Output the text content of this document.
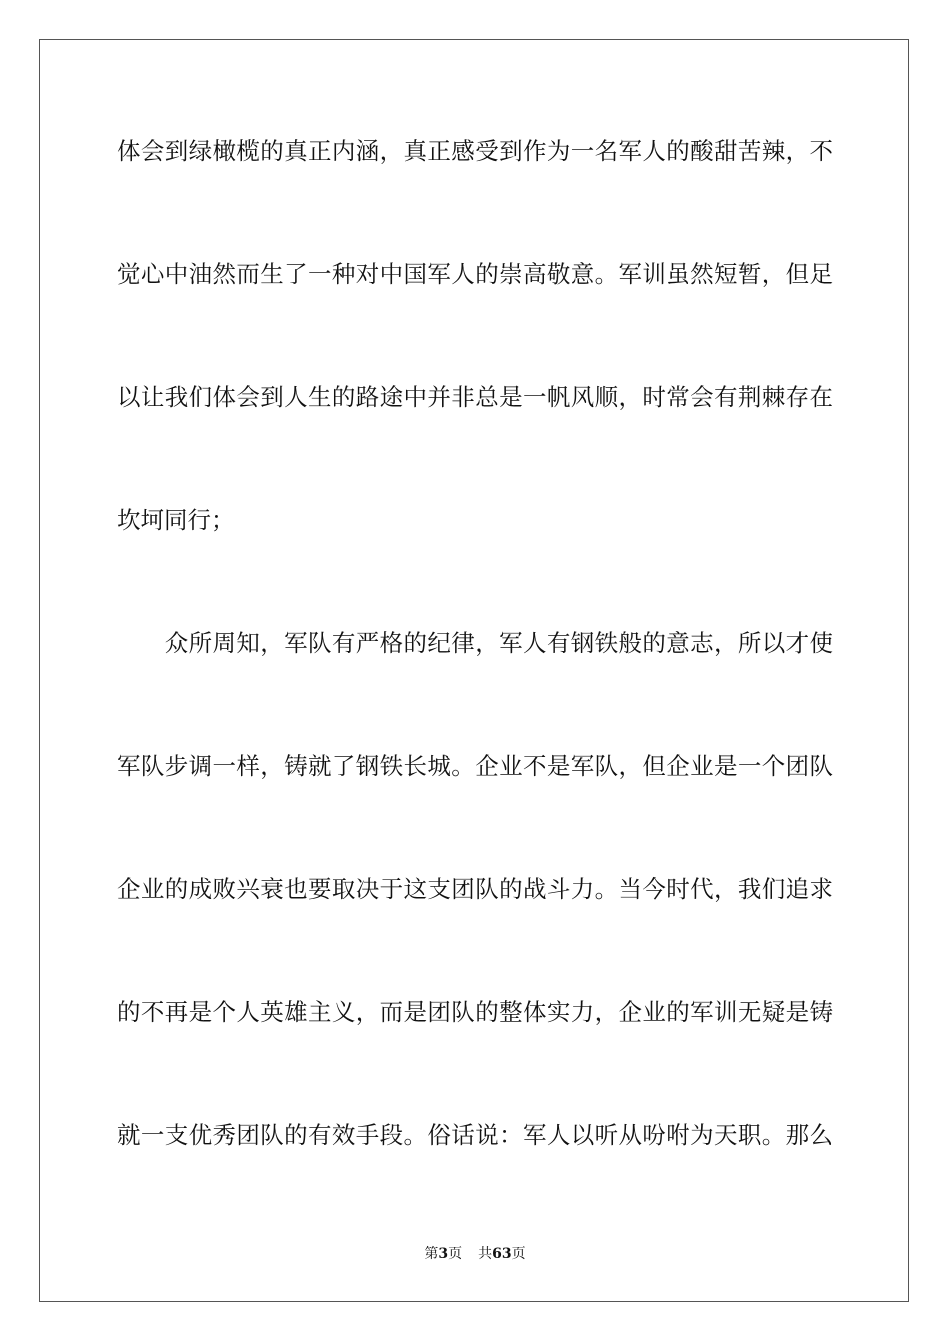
体会到绿橄榄的真正内涵，真正感受到作为一名军人的酸甜苦辣，不
觉心中油然而生了一种对中国军人的崇高敬意。军训虽然短暂，但足
以让我们体会到人生的路途中并非总是一帆风顺，时常会有荆棘存在
坎坷同行；
　　众所周知，军队有严格的纪律，军人有钢铁般的意志，所以才使
军队步调一样，铸就了钢铁长城。企业不是军队，但企业是一个团队
企业的成败兴衰也要取决于这支团队的战斗力。当今时代，我们追求
的不再是个人英雄主义，而是团队的整体实力，企业的军训无疑是铸
就一支优秀团队的有效手段。俗话说：军人以听从吩咐为天职。那么
第3页 共63页
